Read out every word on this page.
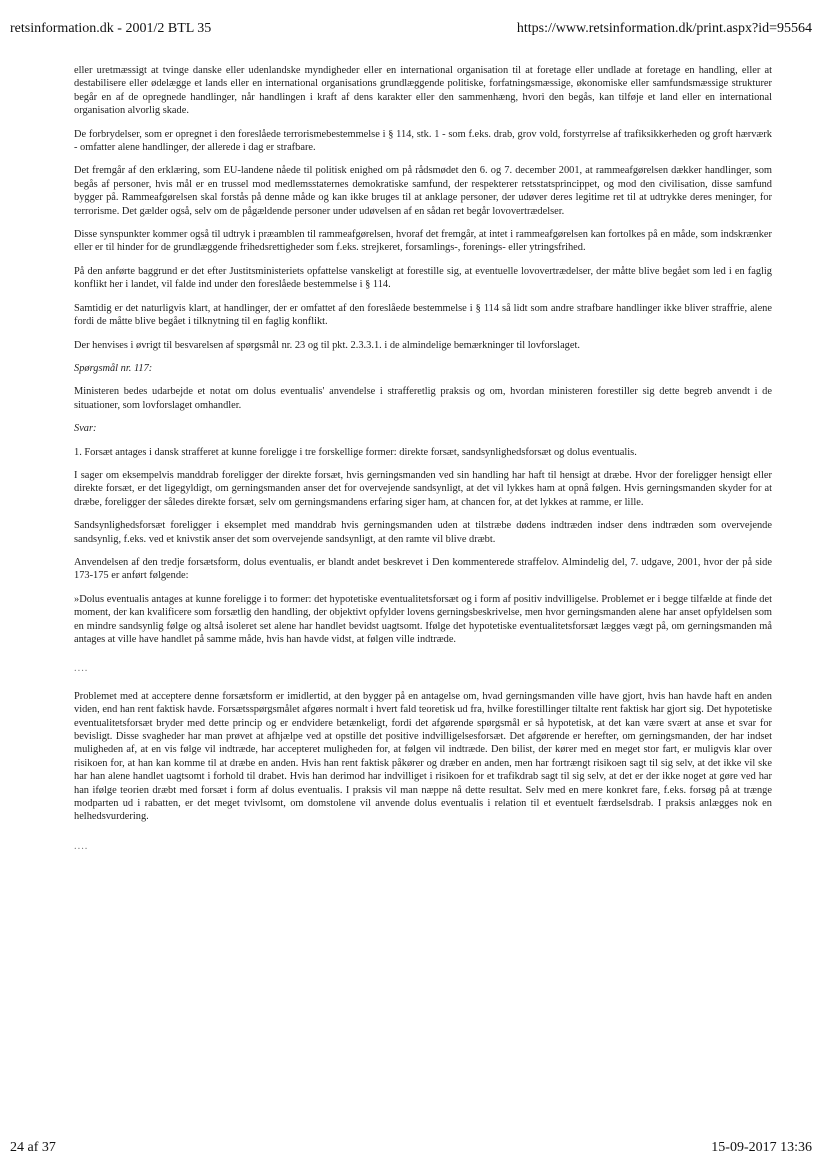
retsinformation.dk - 2001/2 BTL 35	https://www.retsinformation.dk/print.aspx?id=95564

eller uretmæssigt at tvinge danske eller udenlandske myndigheder eller en international organisation til at foretage eller undlade at foretage en handling, eller at destabilisere eller ødelægge et lands eller en international organisations grundlæggende politiske, forfatningsmæssige, økonomiske eller samfundsmæssige strukturer begår en af de opregnede handlinger, når handlingen i kraft af dens karakter eller den sammenhæng, hvori den begås, kan tilføje et land eller en international organisation alvorlig skade.

De forbrydelser, som er opregnet i den foreslåede terrorismebestemmelse i § 114, stk. 1 - som f.eks. drab, grov vold, forstyrrelse af trafiksikkerheden og groft hærværk - omfatter alene handlinger, der allerede i dag er strafbare.

Det fremgår af den erklæring, som EU-landene nåede til politisk enighed om på rådsmødet den 6. og 7. december 2001, at rammeafgørelsen dækker handlinger, som begås af personer, hvis mål er en trussel mod medlemsstaternes demokratiske samfund, der respekterer retsstatsprincippet, og mod den civilisation, disse samfund bygger på. Rammeafgørelsen skal forstås på denne måde og kan ikke bruges til at anklage personer, der udøver deres legitime ret til at udtrykke deres meninger, for terrorisme. Det gælder også, selv om de pågældende personer under udøvelsen af en sådan ret begår lovovertrædelser.

Disse synspunkter kommer også til udtryk i præamblen til rammeafgørelsen, hvoraf det fremgår, at intet i rammeafgørelsen kan fortolkes på en måde, som indskrænker eller er til hinder for de grundlæggende frihedsrettigheder som f.eks. strejkeret, forsamlings-, forenings- eller ytringsfrihed.

På den anførte baggrund er det efter Justitsministeriets opfattelse vanskeligt at forestille sig, at eventuelle lovovertrædelser, der måtte blive begået som led i en faglig konflikt her i landet, vil falde ind under den foreslåede bestemmelse i § 114.

Samtidig er det naturligvis klart, at handlinger, der er omfattet af den foreslåede bestemmelse i § 114 så lidt som andre strafbare handlinger ikke bliver straffrie, alene fordi de måtte blive begået i tilknytning til en faglig konflikt.

Der henvises i øvrigt til besvarelsen af spørgsmål nr. 23 og til pkt. 2.3.3.1. i de almindelige bemærkninger til lovforslaget.

Spørgsmål nr. 117:

Ministeren bedes udarbejde et notat om dolus eventualis' anvendelse i strafferetlig praksis og om, hvordan ministeren forestiller sig dette begreb anvendt i de situationer, som lovforslaget omhandler.

Svar:

1. Forsæt antages i dansk strafferet at kunne foreligge i tre forskellige former: direkte forsæt, sandsynlighedsforsæt og dolus eventualis.

I sager om eksempelvis manddrab foreligger der direkte forsæt, hvis gerningsmanden ved sin handling har haft til hensigt at dræbe. Hvor der foreligger hensigt eller direkte forsæt, er det ligegyldigt, om gerningsmanden anser det for overvejende sandsynligt, at det vil lykkes ham at opnå følgen. Hvis gerningsmanden skyder for at dræbe, foreligger der således direkte forsæt, selv om gerningsmandens erfaring siger ham, at chancen for, at det lykkes at ramme, er lille.

Sandsynlighedsforsæt foreligger i eksemplet med manddrab hvis gerningsmanden uden at tilstræbe dødens indtræden indser dens indtræden som overvejende sandsynlig, f.eks. ved et knivstik anser det som overvejende sandsynligt, at den ramte vil blive dræbt.

Anvendelsen af den tredje forsætsform, dolus eventualis, er blandt andet beskrevet i Den kommenterede straffelov. Almindelig del, 7. udgave, 2001, hvor der på side 173-175 er anført følgende:

»Dolus eventualis antages at kunne foreligge i to former: det hypotetiske eventualitetsforsæt og i form af positiv indvilligelse. Problemet er i begge tilfælde at finde det moment, der kan kvalificere som forsætlig den handling, der objektivt opfylder lovens gerningsbeskrivelse, men hvor gerningsmanden alene har anset opfyldelsen som en mindre sandsynlig følge og altså isoleret set alene har handlet bevidst uagtsomt. Ifølge det hypotetiske eventualitetsforsæt lægges vægt på, om gerningsmanden må antages at ville have handlet på samme måde, hvis han havde vidst, at følgen ville indtræde.

....

Problemet med at acceptere denne forsætsform er imidlertid, at den bygger på en antagelse om, hvad gerningsmanden ville have gjort, hvis han havde haft en anden viden, end han rent faktisk havde. Forsætsspørgsmålet afgøres normalt i hvert fald teoretisk ud fra, hvilke forestillinger tiltalte rent faktisk har gjort sig. Det hypotetiske eventualitetsforsæt bryder med dette princip og er endvidere betænkeligt, fordi det afgørende spørgsmål er så hypotetisk, at det kan være svært at anse et svar for bevisligt. Disse svagheder har man prøvet at afhjælpe ved at opstille det positive indvilligelsesforsæt. Det afgørende er herefter, om gerningsmanden, der har indset muligheden af, at en vis følge vil indtræde, har accepteret muligheden for, at følgen vil indtræde. Den bilist, der kører med en meget stor fart, er muligvis klar over risikoen for, at han kan komme til at dræbe en anden. Hvis han rent faktisk påkører og dræber en anden, men har fortrængt risikoen sagt til sig selv, at det ikke vil ske har han alene handlet uagtsomt i forhold til drabet. Hvis han derimod har indvilliget i risikoen for et trafikdrab sagt til sig selv, at det er der ikke noget at gøre ved har han ifølge teorien dræbt med forsæt i form af dolus eventualis. I praksis vil man næppe nå dette resultat. Selv med en mere konkret fare, f.eks. forsøg på at trænge modparten ud i rabatten, er det meget tvivlsomt, om domstolene vil anvende dolus eventualis i relation til et eventuelt færdselsdrab. I praksis anlægges nok en helhedsvurdering.

....

24 af 37	15-09-2017 13:36
